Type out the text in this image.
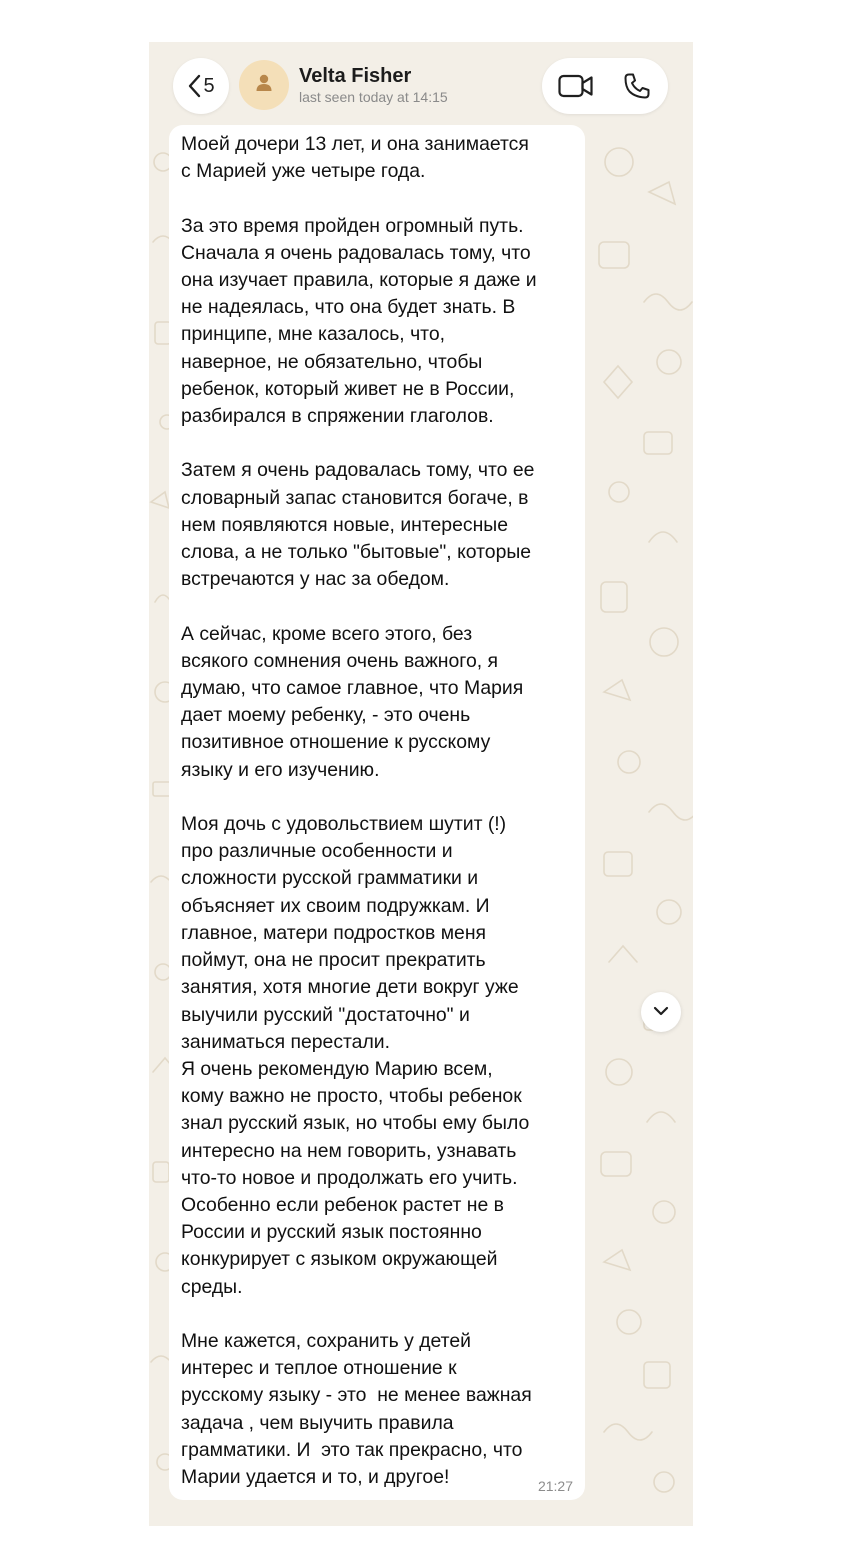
5	Velta Fisher
last seen today at 14:15

Моей дочери 13 лет, и она занимается
с Марией уже четыре года.

За это время пройден огромный путь.
Сначала я очень радовалась тому, что
она изучает правила, которые я даже и
не надеялась, что она будет знать. В
принципе, мне казалось, что,
наверное, не обязательно, чтобы
ребенок, который живет не в России,
разбирался в спряжении глаголов.

Затем я очень радовалась тому, что ее
словарный запас становится богаче, в
нем появляются новые, интересные
слова, а не только "бытовые", которые
встречаются у нас за обедом.

А сейчас, кроме всего этого, без
всякого сомнения очень важного, я
думаю, что самое главное, что Мария
дает моему ребенку, - это очень
позитивное отношение к русскому
языку и его изучению.

Моя дочь с удовольствием шутит (!)
про различные особенности и
сложности русской грамматики и
объясняет их своим подружкам. И
главное, матери подростков меня
поймут, она не просит прекратить
занятия, хотя многие дети вокруг уже
выучили русский "достаточно" и
заниматься перестали.
Я очень рекомендую Марию всем,
кому важно не просто, чтобы ребенок
знал русский язык, но чтобы ему было
интересно на нем говорить, узнавать
что-то новое и продолжать его учить.
Особенно если ребенок растет не в
России и русский язык постоянно
конкурирует с языком окружающей
среды.

Мне кажется, сохранить у детей
интерес и теплое отношение к
русскому языку - это  не менее важная
задача , чем выучить правила
грамматики. И  это так прекрасно, что
Марии удается и то, и другое!	21:27
